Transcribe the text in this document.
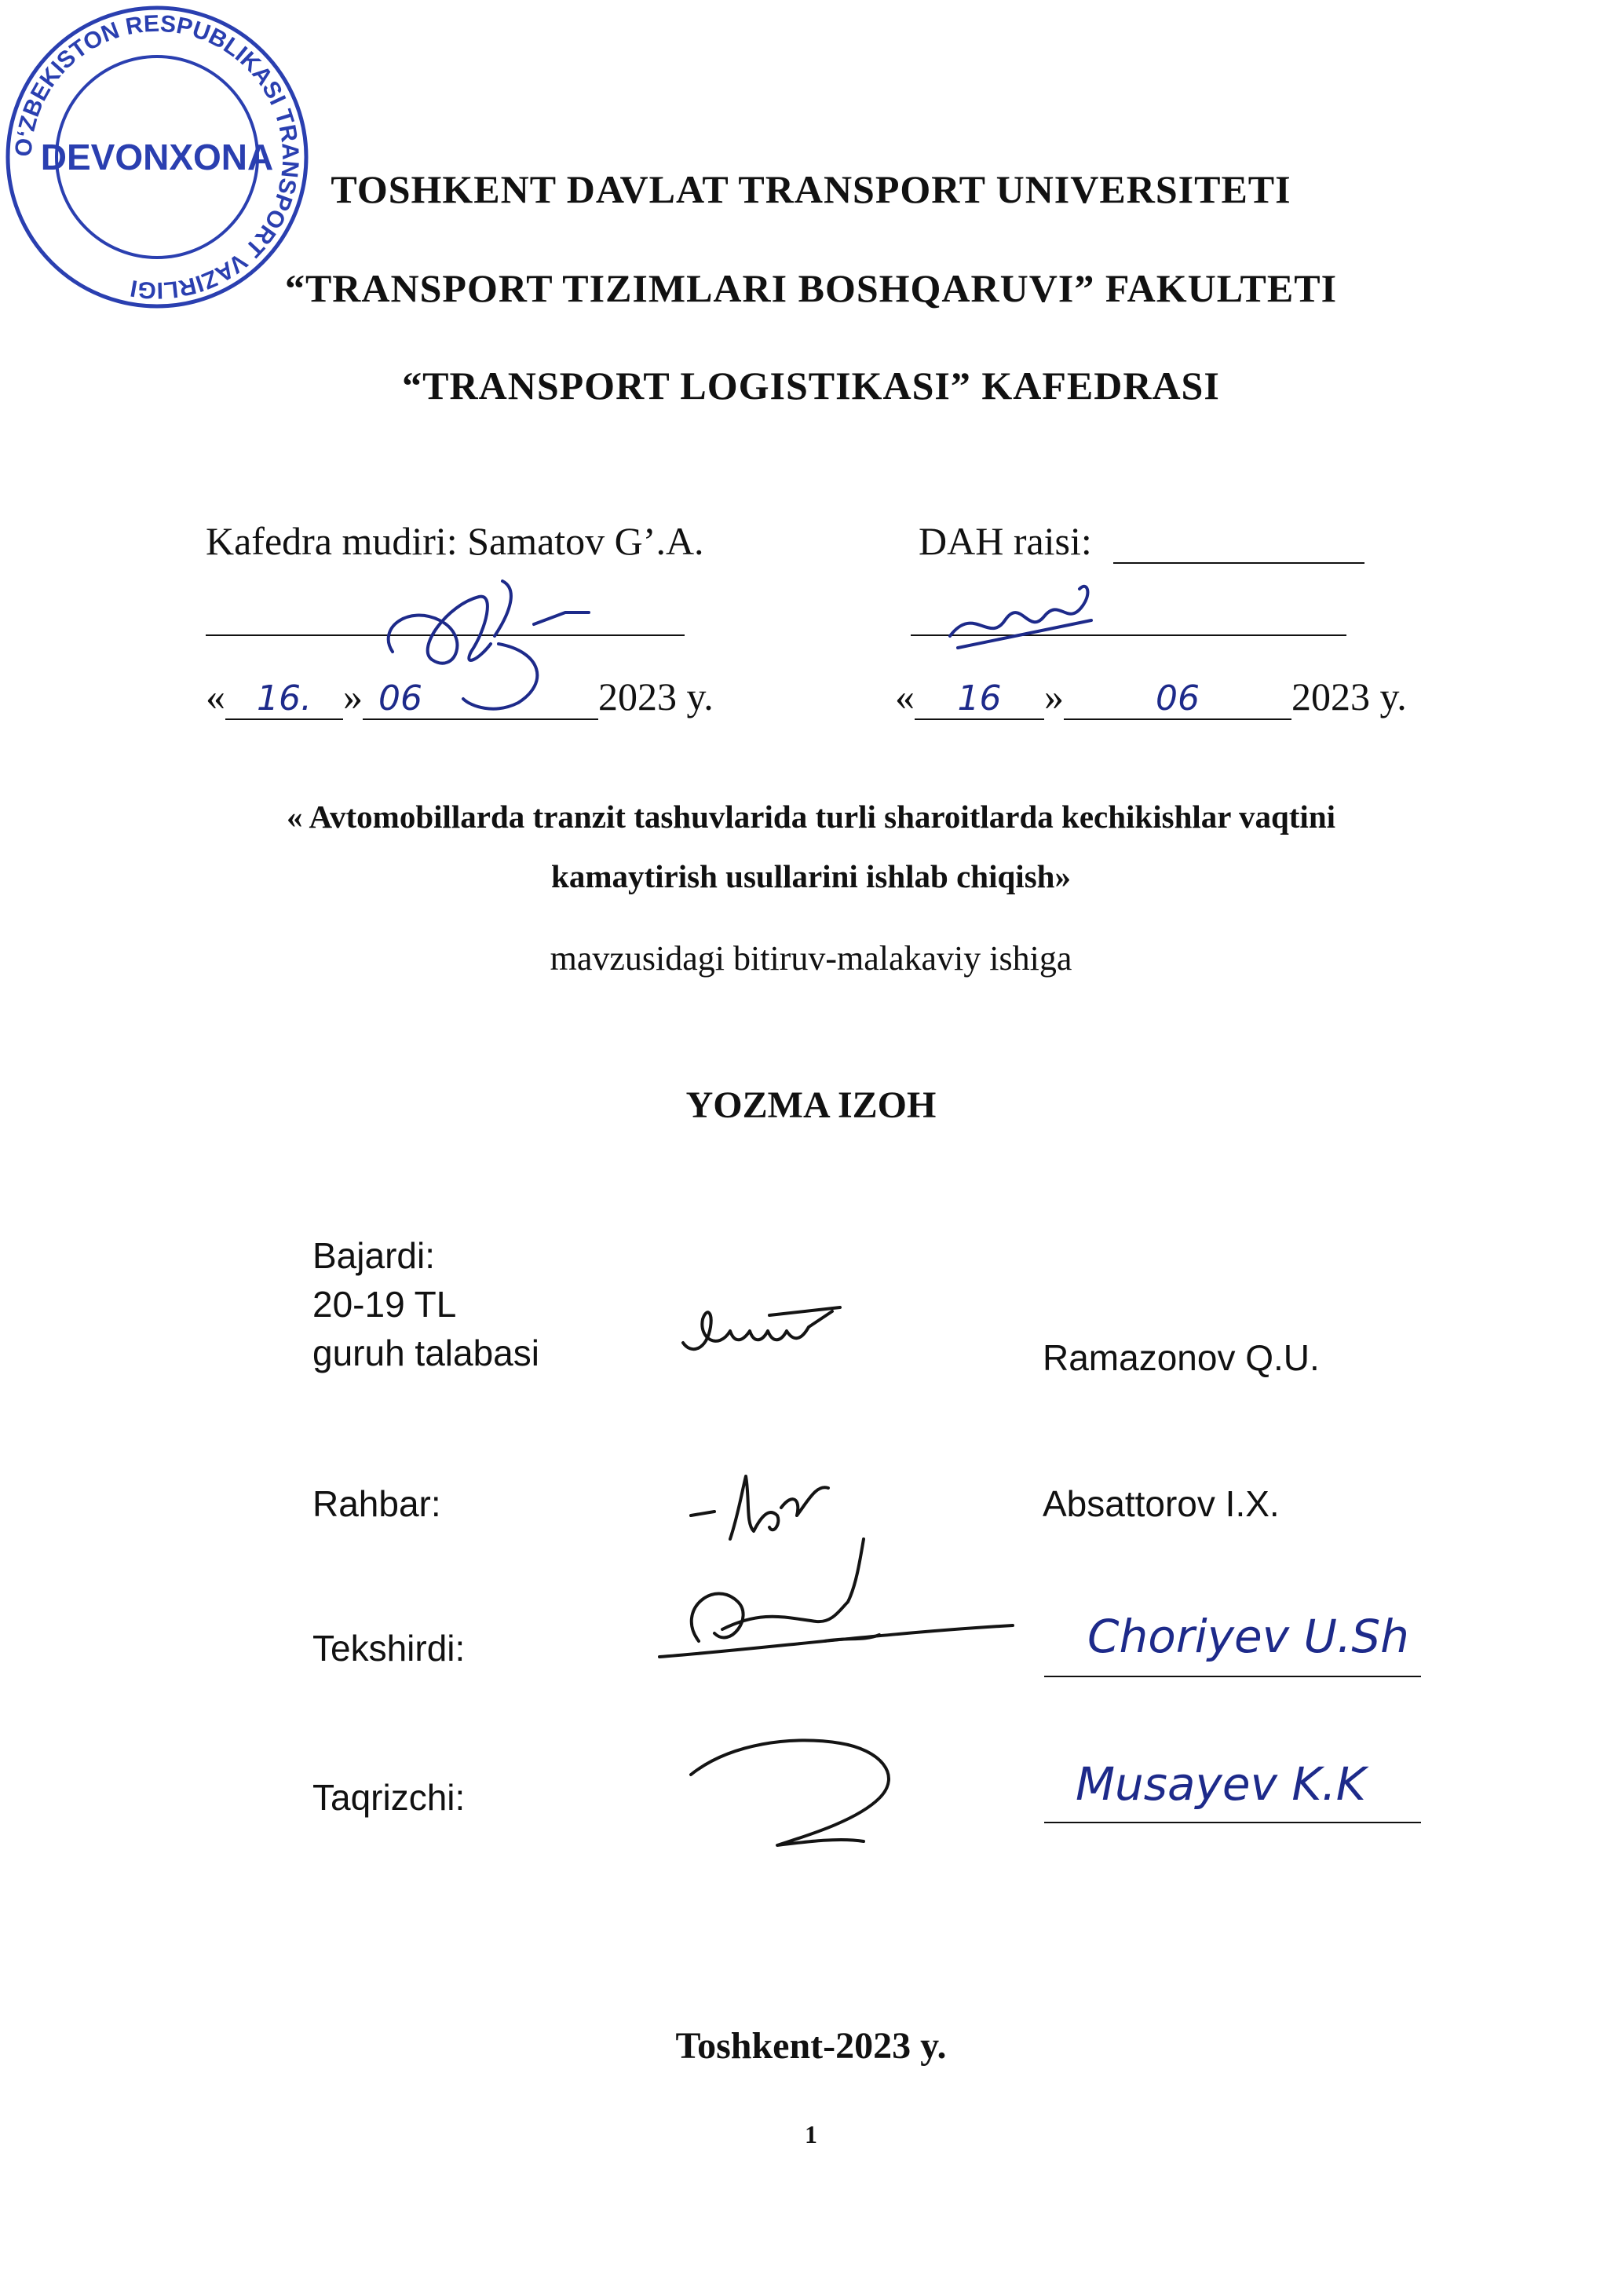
TOSHKENT DAVLAT TRANSPORT UNIVERSITETI
“TRANSPORT TIZIMLARI BOSHQARUVI” FAKULTETI
“TRANSPORT LOGISTIKASI” KAFEDRASI
Kafedra mudiri: Samatov G’.A.
« 16. » 06	2023 y.
DAH raisi:
« 16 »	06 2023 y.
« Avtomobillarda tranzit tashuvlarida turli sharoitlarda kechikishlar vaqtini
kamaytirish usullarini ishlab chiqish»
mavzusidagi bitiruv-malakaviy ishiga
YOZMA IZOH
Bajardi:
20-19 TL
guruh talabasi	Ramazonov Q.U.
Rahbar:	Absattorov I.X.
Tekshirdi:	Choriyev U.Sh
Taqrizchi:	Musayev K.K
O‘ZBEKISTON RESPUBLIKASI TRANSPORT VAZIRLIGI
DEVONXONA
Toshkent-2023 y.
1
